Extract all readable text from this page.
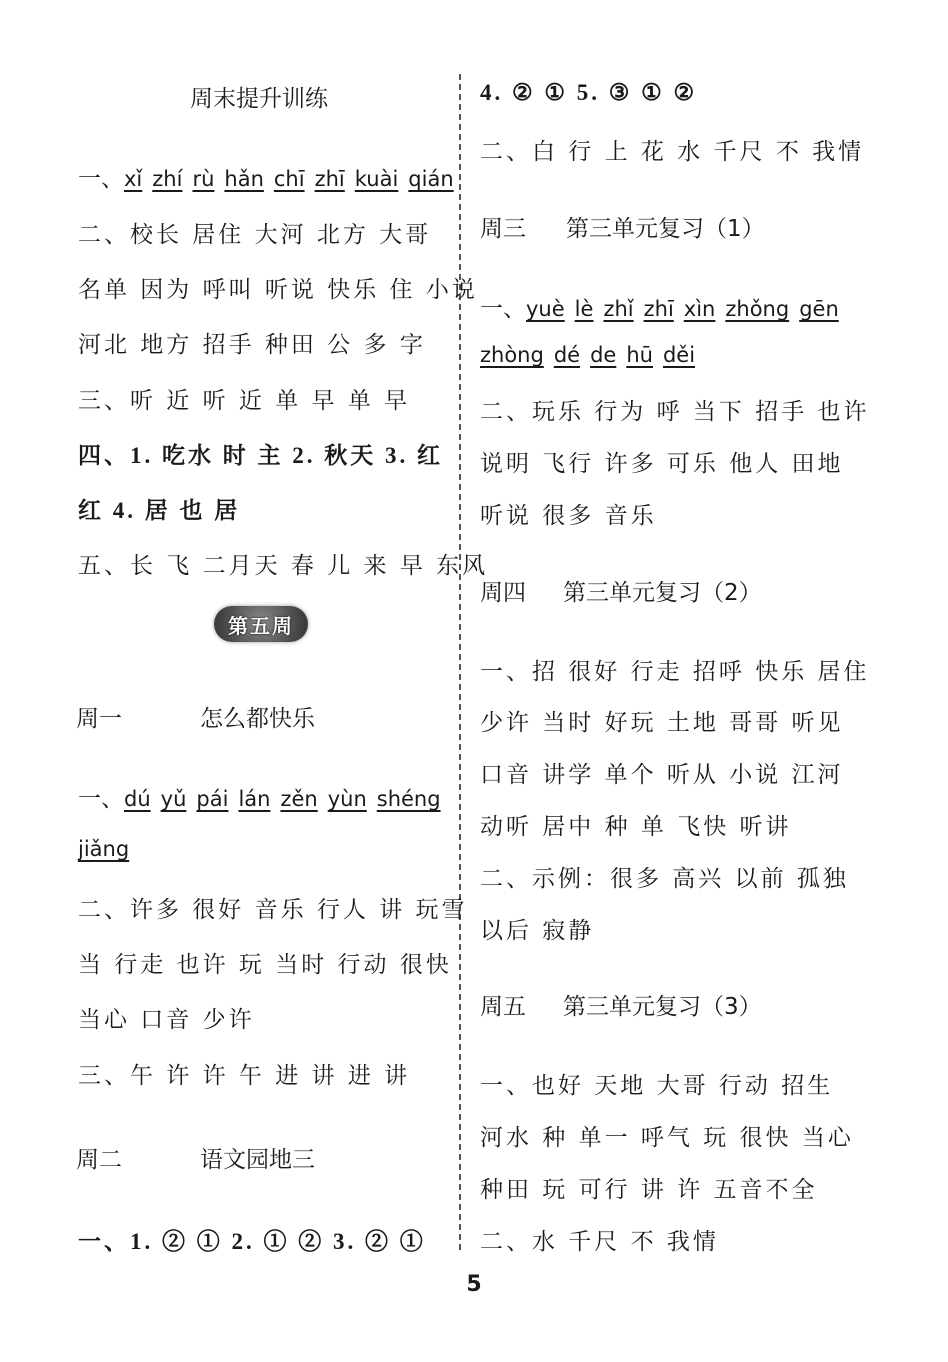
周末提升训练
一、xǐ zhí rù hǎn chī zhī kuài qián
二、校长 居住 大河 北方 大哥
名单 因为 呼叫 听说 快乐 住 小说
河北 地方 招手 种田 公 多 字
三、听 近 听 近 单 早 单 早
四、1. 吃水 时 主 2. 秋天 3. 红
红 4. 居 也 居
五、长 飞 二月天 春 儿 来 早 东风
第五周
周一	怎么都快乐
一、dú yǔ pái lán zěn yùn shéng
jiǎng
二、许多 很好 音乐 行人 讲 玩雪
当 行走 也许 玩 当时 行动 很快
当心 口音 少许
三、午 许 许 午 进 讲 进 讲
周二	语文园地三
一、1. ② ① 2. ① ② 3. ② ①
4. ② ① 5. ③ ① ②
二、白 行 上 花 水 千尺 不 我情
周三 第三单元复习（1）
一、yuè lè zhǐ zhī xìn zhǒng gēn
zhòng dé de hū děi
二、玩乐 行为 呼 当下 招手 也许
说明 飞行 许多 可乐 他人 田地
听说 很多 音乐
周四 第三单元复习（2）
一、招 很好 行走 招呼 快乐 居住
少许 当时 好玩 土地 哥哥 听见
口音 讲学 单个 听从 小说 江河
动听 居中 种 单 飞快 听讲
二、示例：很多 高兴 以前 孤独
以后 寂静
周五 第三单元复习（3）
一、也好 天地 大哥 行动 招生
河水 种 单一 呼气 玩 很快 当心
种田 玩 可行 讲 许 五音不全
二、水 千尺 不 我情
5
